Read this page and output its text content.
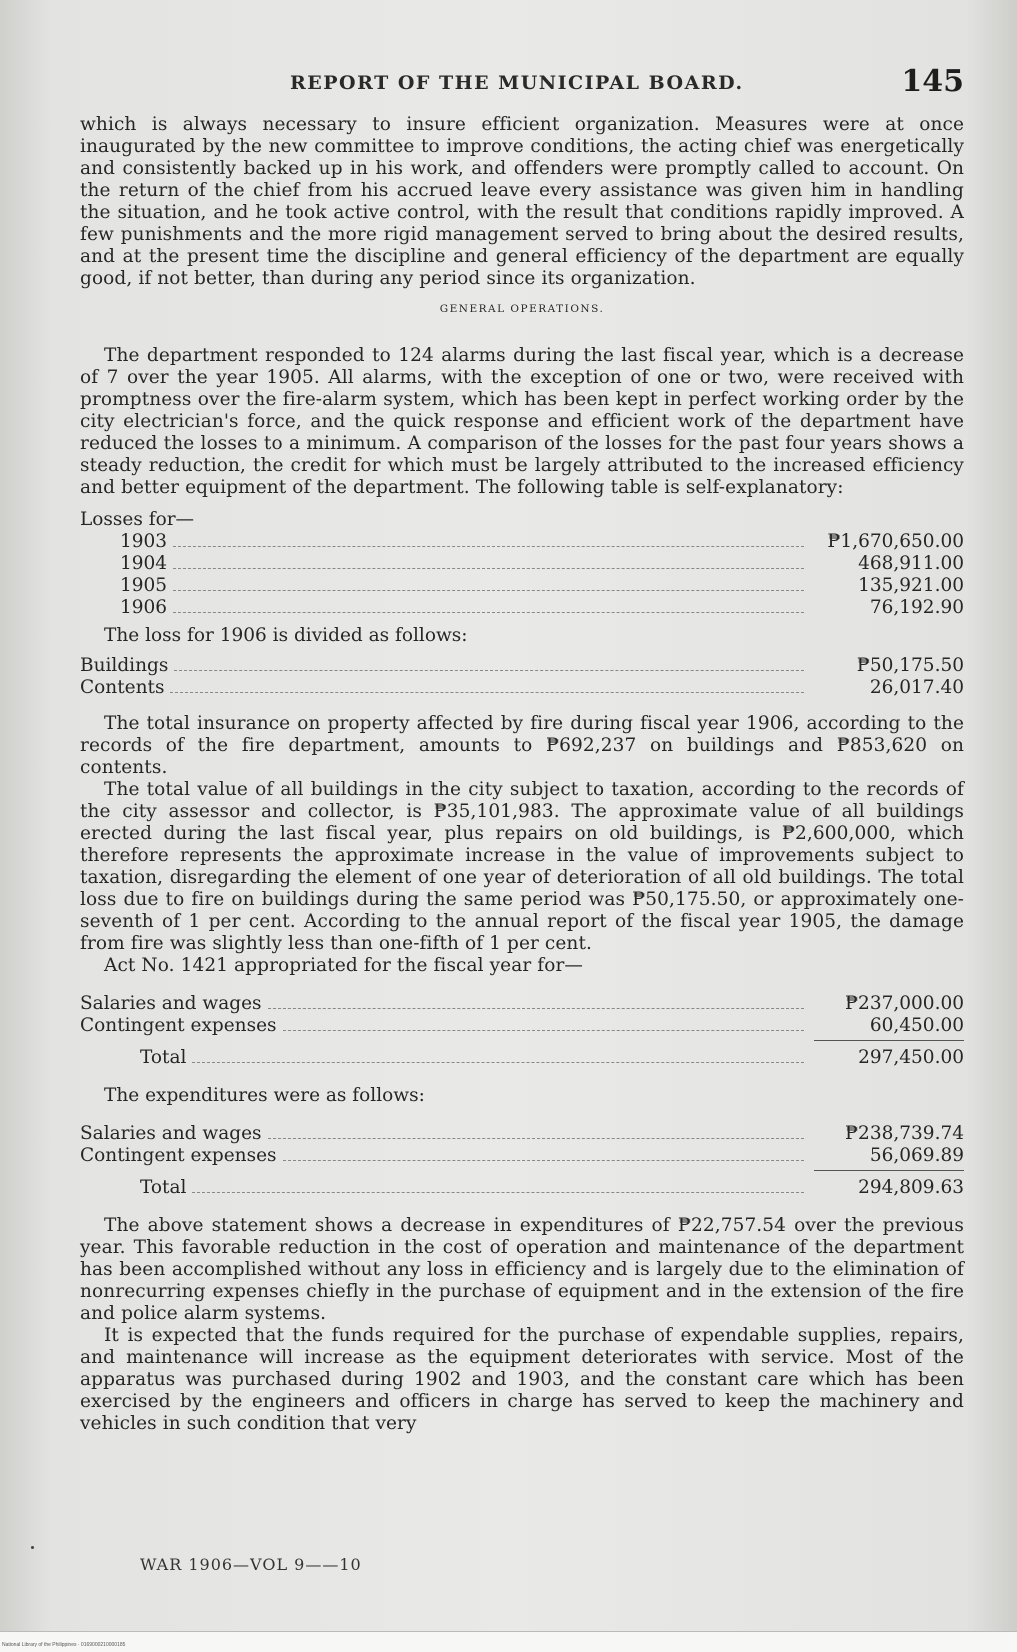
REPORT OF THE MUNICIPAL BOARD.	145

which is always necessary to insure efficient organization. Measures were at once inaugurated by the new committee to improve conditions, the acting chief was energetically and consistently backed up in his work, and offenders were promptly called to account. On the return of the chief from his accrued leave every assistance was given him in handling the situation, and he took active control, with the result that conditions rapidly improved. A few punishments and the more rigid management served to bring about the desired results, and at the present time the discipline and general efficiency of the department are equally good, if not better, than during any period since its organization.

GENERAL OPERATIONS.

The department responded to 124 alarms during the last fiscal year, which is a decrease of 7 over the year 1905. All alarms, with the exception of one or two, were received with promptness over the fire-alarm system, which has been kept in perfect working order by the city electrician's force, and the quick response and efficient work of the department have reduced the losses to a minimum. A comparison of the losses for the past four years shows a steady reduction, the credit for which must be largely attributed to the increased efficiency and better equipment of the department. The following table is self-explanatory:

Losses for—
1903	₱1,670,650.00
1904	468,911.00
1905	135,921.00
1906	76,192.90
The loss for 1906 is divided as follows:
Buildings	₱50,175.50
Contents	26,017.40

The total insurance on property affected by fire during fiscal year 1906, according to the records of the fire department, amounts to ₱692,237 on buildings and ₱853,620 on contents.

The total value of all buildings in the city subject to taxation, according to the records of the city assessor and collector, is ₱35,101,983. The approximate value of all buildings erected during the last fiscal year, plus repairs on old buildings, is ₱2,600,000, which therefore represents the approximate increase in the value of improvements subject to taxation, disregarding the element of one year of deterioration of all old buildings. The total loss due to fire on buildings during the same period was ₱50,175.50, or approximately one-seventh of 1 per cent. According to the annual report of the fiscal year 1905, the damage from fire was slightly less than one-fifth of 1 per cent.

Act No. 1421 appropriated for the fiscal year for—

Salaries and wages	₱237,000.00
Contingent expenses	60,450.00
Total	297,450.00
The expenditures were as follows:
Salaries and wages	₱238,739.74
Contingent expenses	56,069.89
Total	294,809.63

The above statement shows a decrease in expenditures of ₱22,757.54 over the previous year. This favorable reduction in the cost of operation and maintenance of the department has been accomplished without any loss in efficiency and is largely due to the elimination of nonrecurring expenses chiefly in the purchase of equipment and in the extension of the fire and police alarm systems.

It is expected that the funds required for the purchase of expendable supplies, repairs, and maintenance will increase as the equipment deteriorates with service. Most of the apparatus was purchased during 1902 and 1903, and the constant care which has been exercised by the engineers and officers in charge has served to keep the machinery and vehicles in such condition that very

WAR 1906—VOL 9——10
National Library of the Philippines · 0169000210000185
